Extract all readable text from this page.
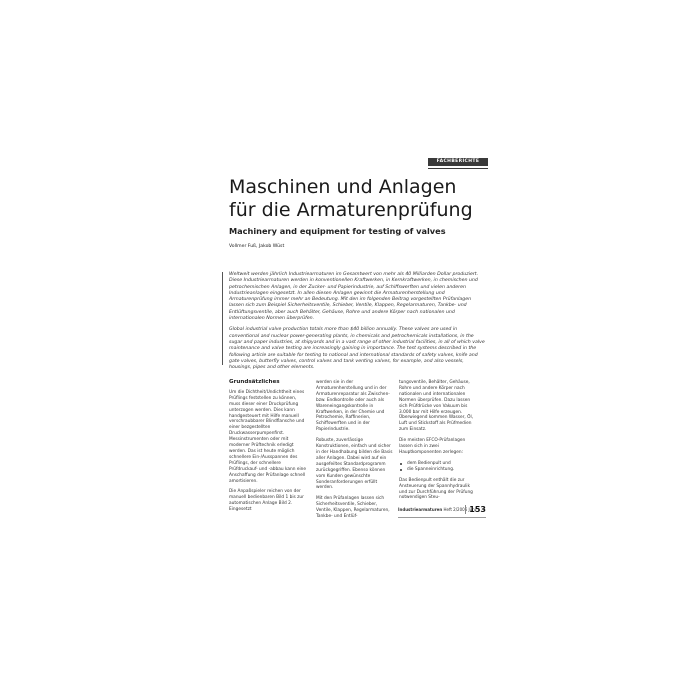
FACHBERICHTE
Maschinen und Anlagen
für die Armaturenprüfung
Machinery and equipment for testing of valves
Vollmer Fuß, Jakob Wüst

Weltweit werden jährlich Industriearmaturen im Gesamtwert von mehr als 40 Milliarden Dollar produziert. Diese Industriearmaturen werden in konventionellen Kraftwerken, in Kernkraftwerken, in chemischen und petrochemischen Anlagen, in der Zucker- und Papierindustrie, auf Schiffswerften und vielen anderen Industrieanlagen eingesetzt. In allen diesen Anlagen gewinnt die Armaturenherstellung und Armaturenprüfung immer mehr an Bedeutung. Mit den im folgenden Beitrag vorgestellten Prüfanlagen lassen sich zum Beispiel Sicherheitsventile, Schieber, Ventile, Klappen, Regelarmaturen, Tankbe- und Entlüftungsventile, aber auch Behälter, Gehäuse, Rohre und andere Körper nach nationalen und internationalen Normen überprüfen.

Global industrial valve production totals more than $40 billion annually. These valves are used in conventional and nuclear power-generating plants, in chemicals and petrochemicals installations, in the sugar and paper industries, at shipyards and in a vast range of other industrial facilities, in all of which valve maintenance and valve testing are increasingly gaining in importance. The test systems described in the following article are suitable for testing to national and international standards of safety valves, knife and gate valves, butterfly valves, control valves and tank venting valves, for example, and also vessels, housings, pipes and other elements.

Grundsätzliches

Um die Dichtheit/Undichtheit eines Prüflings feststellen zu können, muss dieser einer Druckprüfung unterzogen werden. Dies kann handgesteuert mit Hilfe manuell verschraubbarer Blindflansche und einer bezgestellten Druckwasserpumpenfirst. Messinstrumenten oder mit moderner Prüftechnik erledigt werden. Das ist heute möglich schnellere Ein-/Ausspannen des Prüflings, der schnellere Prüfdruckauf- und -abbau kann eine Anschaffung der Prüfanlage schnell amortisieren.

Die Anpaßspieler reichen von der manuell bedienbaren Bild 1 bis zur automatischen Anlage Bild 2. Eingesetzt

werden sie in der Armaturenherstellung und in der Armaturenreparatur als Zwischen- bzw. Endkontrolle oder auch als Wareneingangskontrolle in Kraftwerken, in der Chemie und Petrochemie, Raffinerien, Schiffswerften und in der Papierindustrie.

Robuste, zuverlässige Konstruktionen, einfach und sicher in der Handhabung bilden die Basis aller Anlagen. Dabei wird auf ein ausgefeiltes Standardprogramm zurückgegriffen. Ebenso können vom Kunden gewünschte Sonderanforderungen erfüllt werden.

Mit den Prüfanlagen lassen sich Sicherheitsventile, Schieber, Ventile, Klappen, Regelarmaturen, Tankbe- und Entlüf-

tungsventile, Behälter, Gehäuse, Rohre und andere Körper nach nationalen und internationalen Normen überprüfen. Dazu lassen sich Prüfdrücke von Vakuum bis 3.000 bar mit Hilfe erzeugen. Überwiegend kommen Wasser, Öl, Luft und Stickstoff als Prüfmedien zum Einsatz.

Die meisten EFCO-Prüfanlagen lassen sich in zwei Hauptkomponenten zerlegen:

dem Bedienpult und
die Spanneinrichtung.

Das Bedienpult enthält die zur Ansteuerung der Spannhydraulik und zur Durchführung der Prüfung notwendigen Steu-

Industriearmaturen Heft 2/2006 Juni
153
